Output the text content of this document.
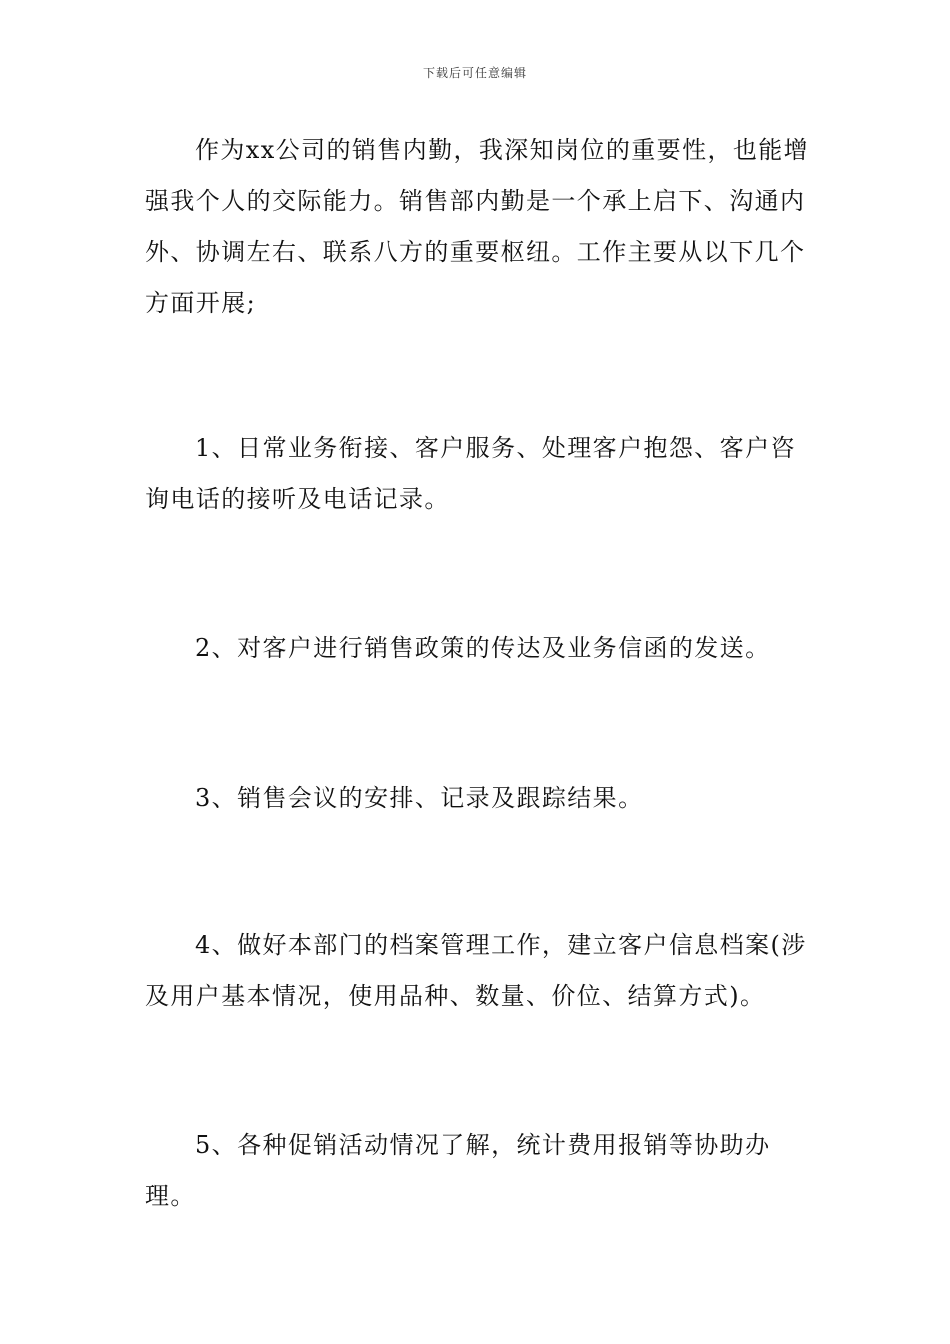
下载后可任意编辑

作为xx公司的销售内勤，我深知岗位的重要性，也能增强我个人的交际能力。销售部内勤是一个承上启下、沟通内外、协调左右、联系八方的重要枢纽。工作主要从以下几个方面开展;

1、日常业务衔接、客户服务、处理客户抱怨、客户咨询电话的接听及电话记录。

2、对客户进行销售政策的传达及业务信函的发送。

3、销售会议的安排、记录及跟踪结果。

4、做好本部门的档案管理工作，建立客户信息档案(涉及用户基本情况，使用品种、数量、价位、结算方式)。

5、各种促销活动情况了解，统计费用报销等协助办理。
